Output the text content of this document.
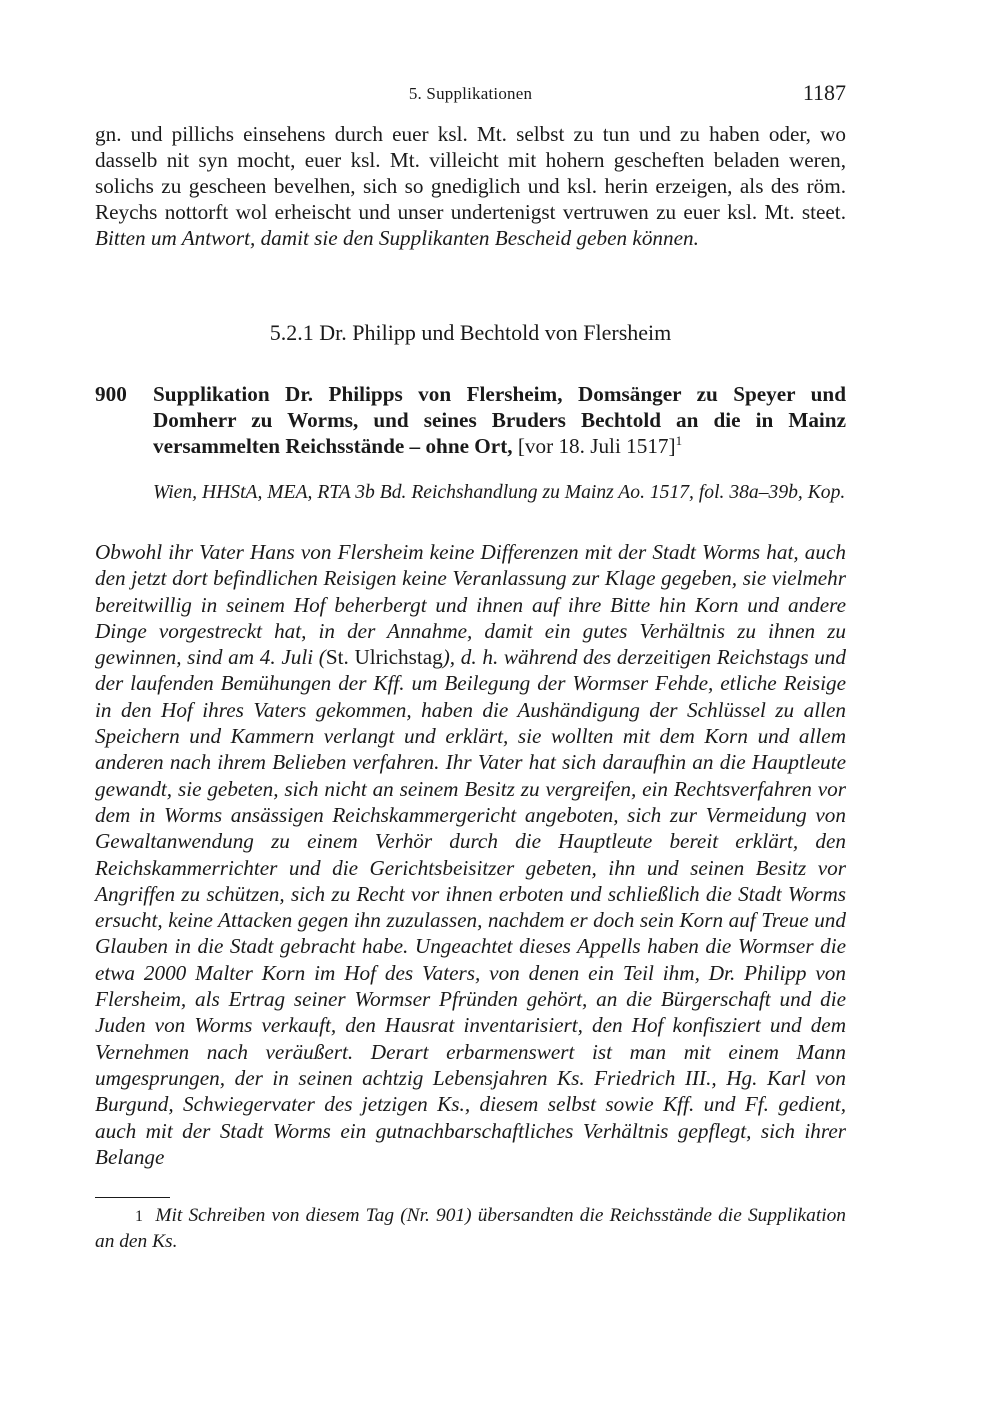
5. Supplikationen	1187

gn. und pillichs einsehens durch euer ksl. Mt. selbst zu tun und zu haben oder, wo dasselb nit syn mocht, euer ksl. Mt. villeicht mit hohern gescheften beladen weren, solichs zu gescheen bevelhen, sich so gnediglich und ksl. herin erzeigen, als des röm. Reychs nottorft wol erheischt und unser undertenigst vertruwen zu euer ksl. Mt. steet. Bitten um Antwort, damit sie den Supplikanten Bescheid geben können.

5.2.1 Dr. Philipp und Bechtold von Flersheim
900 Supplikation Dr. Philipps von Flersheim, Domsänger zu Speyer und Domherr zu Worms, und seines Bruders Bechtold an die in Mainz versammelten Reichsstände – ohne Ort, [vor 18. Juli 1517]$^1$
Wien, HHStA, MEA, RTA 3b Bd. Reichshandlung zu Mainz Ao. 1517, fol. 38a–39b, Kop.
Obwohl ihr Vater Hans von Flersheim keine Differenzen mit der Stadt Worms hat, auch den jetzt dort befindlichen Reisigen keine Veranlassung zur Klage gegeben, sie vielmehr bereitwillig in seinem Hof beherbergt und ihnen auf ihre Bitte hin Korn und andere Dinge vorgestreckt hat, in der Annahme, damit ein gutes Verhältnis zu ihnen zu gewinnen, sind am 4. Juli (St. Ulrichstag), d. h. während des derzeitigen Reichstags und der laufenden Bemühungen der Kff. um Beilegung der Wormser Fehde, etliche Reisige in den Hof ihres Vaters gekommen, haben die Aushändigung der Schlüssel zu allen Speichern und Kammern verlangt und erklärt, sie wollten mit dem Korn und allem anderen nach ihrem Belieben verfahren. Ihr Vater hat sich daraufhin an die Hauptleute gewandt, sie gebeten, sich nicht an seinem Besitz zu vergreifen, ein Rechtsverfahren vor dem in Worms ansässigen Reichskammergericht angeboten, sich zur Vermeidung von Gewaltanwendung zu einem Verhör durch die Hauptleute bereit erklärt, den Reichskammerrichter und die Gerichtsbeisitzer gebeten, ihn und seinen Besitz vor Angriffen zu schützen, sich zu Recht vor ihnen erboten und schließlich die Stadt Worms ersucht, keine Attacken gegen ihn zuzulassen, nachdem er doch sein Korn auf Treue und Glauben in die Stadt gebracht habe. Ungeachtet dieses Appells haben die Wormser die etwa 2000 Malter Korn im Hof des Vaters, von denen ein Teil ihm, Dr. Philipp von Flersheim, als Ertrag seiner Wormser Pfründen gehört, an die Bürgerschaft und die Juden von Worms verkauft, den Hausrat inventarisiert, den Hof konfisziert und dem Vernehmen nach veräußert. Derart erbarmenswert ist man mit einem Mann umgesprungen, der in seinen achtzig Lebensjahren Ks. Friedrich III., Hg. Karl von Burgund, Schwiegervater des jetzigen Ks., diesem selbst sowie Kff. und Ff. gedient, auch mit der Stadt Worms ein gutnachbarschaftliches Verhältnis gepflegt, sich ihrer Belange
1 Mit Schreiben von diesem Tag (Nr. 901) übersandten die Reichsstände die Supplikation an den Ks.
